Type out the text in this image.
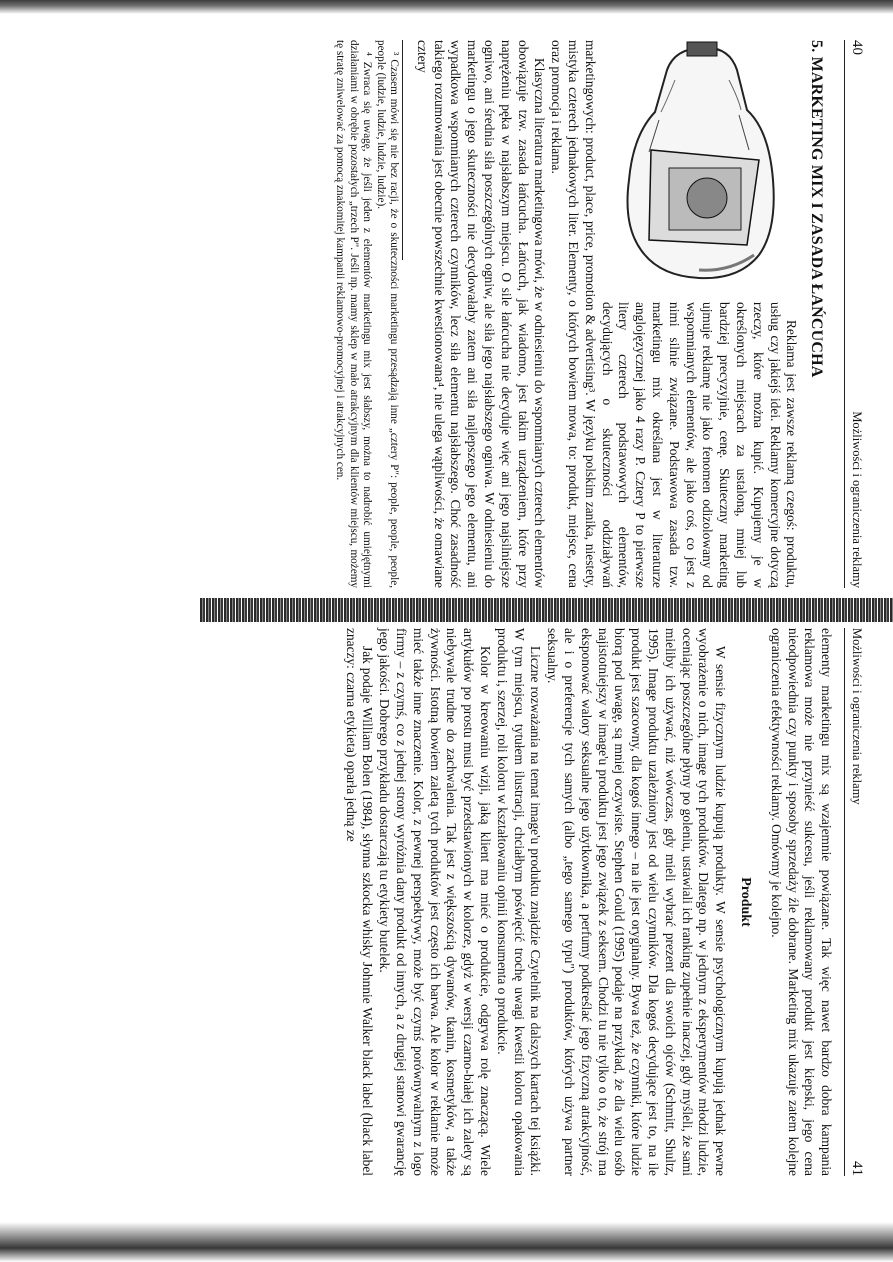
40
Możliwości i ograniczenia reklamy
5. MARKETING MIX I ZASADA ŁAŃCUCHA

Reklama jest zawsze reklamą czegoś: produktu, usług czy jakiejś idei. Reklamy komercyjne dotyczą rzeczy, które można kupić. Kupujemy je w określonych miejscach za ustaloną, mniej lub bardziej precyzyjnie, cenę. Skuteczny marketing ujmuje reklamę nie jako fenomen odizolowany od wspomnianych elementów, ale jako coś, co jest z nimi silnie związane. Podstawowa zasada tzw. marketingu mix określana jest w literaturze anglojęzycznej jako 4 razy P. Cztery P to pierwsze litery czterech podstawowych elementów, decydujących o skuteczności oddziaływań marketingowych: product, place, price, promotion & advertising³. W języku polskim zanika, niestety, mistyka czterech jednakowych liter. Elementy, o których bowiem mowa, to: produkt, miejsce, cena oraz promocja i reklama.

Klasyczna literatura marketingowa mówi, że w odniesieniu do wspomnianych czterech elementów obowiązuje tzw. zasada łańcucha. Łańcuch, jak wiadomo, jest takim urządzeniem, które przy naprężeniu pęka w najsłabszym miejscu. O sile łańcucha nie decyduje więc ani jego najsilniejsze ogniwo, ani średnia siła poszczególnych ogniw, ale siła jego najsłabszego ogniwa. W odniesieniu do marketingu o jego skuteczności nie decydowałaby zatem ani siła najlepszego jego elementu, ani wypadkowa wspomnianych czterech czynników, lecz siła elementu najsłabszego. Choć zasadność takiego rozumowania jest obecnie powszechnie kwestionowana⁴, nie ulega wątpliwości, że omawiane cztery

³ Czasem mówi się nie bez racji, że o skuteczności marketingu przesądzają inne „cztery P": people, people, people, people (ludzie, ludzie, ludzie, ludzie).

⁴ Zwraca się uwagę, że jeśli jeden z elementów marketingu mix jest słabszy, można to nadrobić umiejętnymi działaniami w obrębie pozostałych „trzech P". Jeśli np. mamy sklep w mało atrakcyjnym dla klientów miejscu, możemy tę stratę zniwelować za pomocą znakomitej kampanii reklamowo-promocyjnej i atrakcyjnych cen.

Możliwości i ograniczenia reklamy
41

elementy marketingu mix są wzajemnie powiązane. Tak więc nawet bardzo dobra kampania reklamowa może nie przynieść sukcesu, jeśli reklamowany produkt jest kiepski, jego cena nieodpowiednia czy punkty i sposoby sprzedaży źle dobrane. Marketing mix ukazuje zatem kolejne ograniczenia efektywności reklamy. Omówmy je kolejno.

Produkt

W sensie fizycznym ludzie kupują produkty. W sensie psychologicznym kupują jednak pewne wyobrażenie o nich, image tych produktów. Dlatego np. w jednym z eksperymentów młodzi ludzie, oceniając poszczególne płyny po goleniu, ustawiali ich ranking zupełnie inaczej, gdy myśleli, że sami mieliby ich używać, niż wówczas, gdy mieli wybrać prezent dla swoich ojców (Schmitt, Shultz, 1995). Image produktu uzależniony jest od wielu czynników. Dla kogoś decydujące jest to, na ile produkt jest szacowny, dla kogoś innego – na ile jest oryginalny. Bywa też, że czynniki, które ludzie biorą pod uwagę, są mniej oczywiste. Stephen Gould (1995) podaje na przykład, że dla wielu osób najistotniejszy w image'u produktu jest jego związek z seksem. Chodzi tu nie tylko o to, że strój ma eksponować walory seksualne jego użytkownika, a perfumy podkreślać jego fizyczną atrakcyjność, ale i o preferencje tych samych (albo „tego samego typu") produktów, których używa partner seksualny.

Liczne rozważania na temat image'u produktu znajdzie Czytelnik na dalszych kartach tej książki. W tym miejscu, tytułem ilustracji, chciałbym poświęcić trochę uwagi kwestii koloru opakowania produktu i, szerzej, roli koloru w kształtowaniu opinii konsumenta o produkcie.

Kolor w kreowaniu wizji, jaką klient ma mieć o produkcie, odgrywa rolę znaczącą. Wiele artykułów po prostu musi być przedstawionych w kolorze, gdyż w wersji czarno-białej ich zalety są niebywale trudne do zachwalenia. Tak jest z większością dywanów, tkanin, kosmetyków, a także żywności. Istotną bowiem zaletą tych produktów jest często ich barwa. Ale kolor w reklamie może mieć także inne znaczenie. Kolor, z pewnej perspektywy, może być czymś porównywalnym z logo firmy – z czymś, co z jednej strony wyróżnia dany produkt od innych, a z drugiej stanowi gwarancję jego jakości. Dobrego przykładu dostarczają tu etykiety butelek.

Jak podaje William Bolen (1984), słynna szkocka whisky Johnnie Walker black label (black label znaczy: czarna etykieta) oparła jedną ze
